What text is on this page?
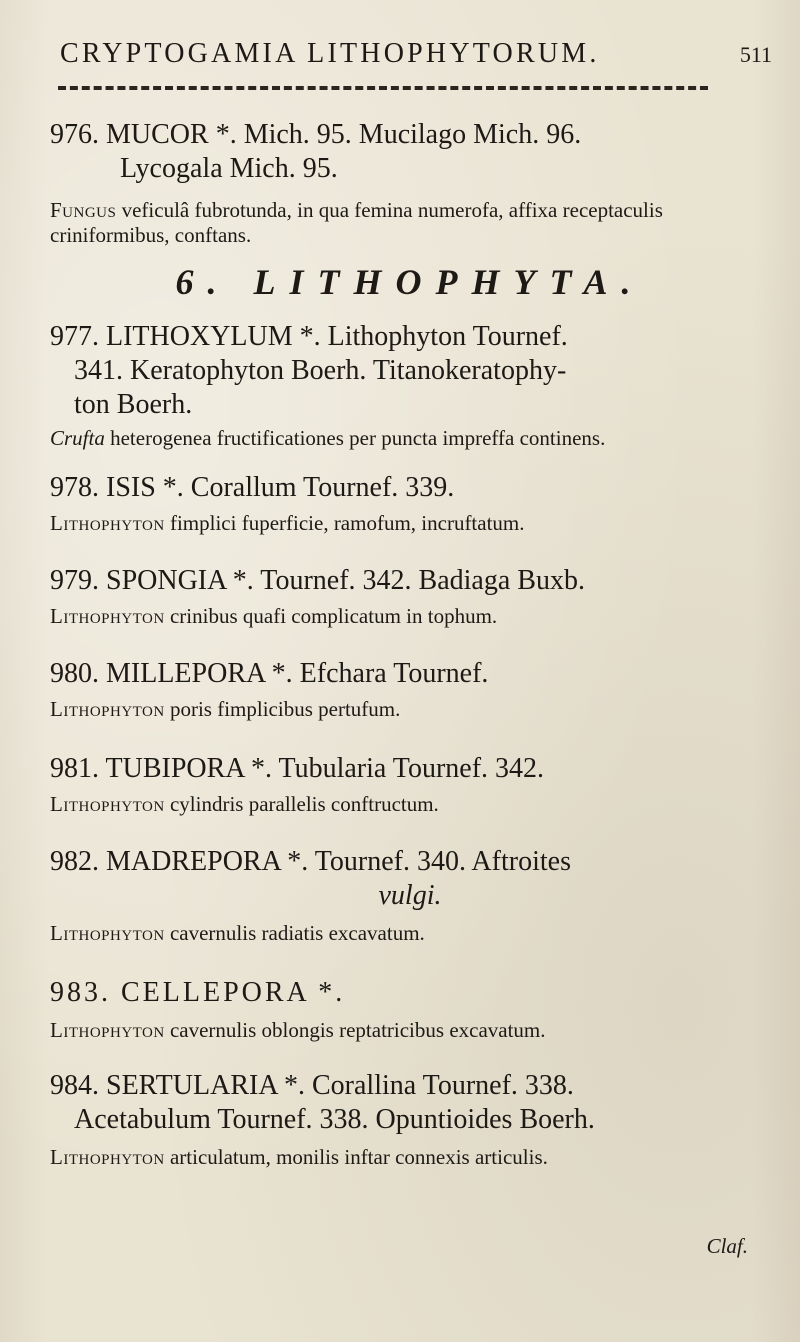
CRYPTOGAMIA LITHOPHYTORUM.	511

976. MUCOR *. Mich. 95. Mucilago Mich. 96.
Lycogala Mich. 95.

Fungus veficulâ fubrotunda, in qua femina numerofa, affixa receptaculis criniformibus, conftans.

6. LITHOPHYTA.

977. LITHOXYLUM *. Lithophyton Tournef.
341. Keratophyton Boerh. Titanokeratophy-
ton Boerh.

Crufta heterogenea fructificationes per puncta impreffa continens.

978. ISIS *. Corallum Tournef. 339.

Lithophyton fimplici fuperficie, ramofum, incruftatum.

979. SPONGIA *. Tournef. 342. Badiaga Buxb.

Lithophyton crinibus quafi complicatum in tophum.

980. MILLEPORA *. Efchara Tournef.

Lithophyton poris fimplicibus pertufum.

981. TUBIPORA *. Tubularia Tournef. 342.

Lithophyton cylindris parallelis conftructum.

982. MADREPORA *. Tournef. 340. Aftroites
vulgi.

Lithophyton cavernulis radiatis excavatum.

983. CELLEPORA *.

Lithophyton cavernulis oblongis reptatricibus excavatum.

984. SERTULARIA *. Corallina Tournef. 338.
Acetabulum Tournef. 338. Opuntioides Boerh.

Lithophyton articulatum, monilis inftar connexis articulis.

Claf.
